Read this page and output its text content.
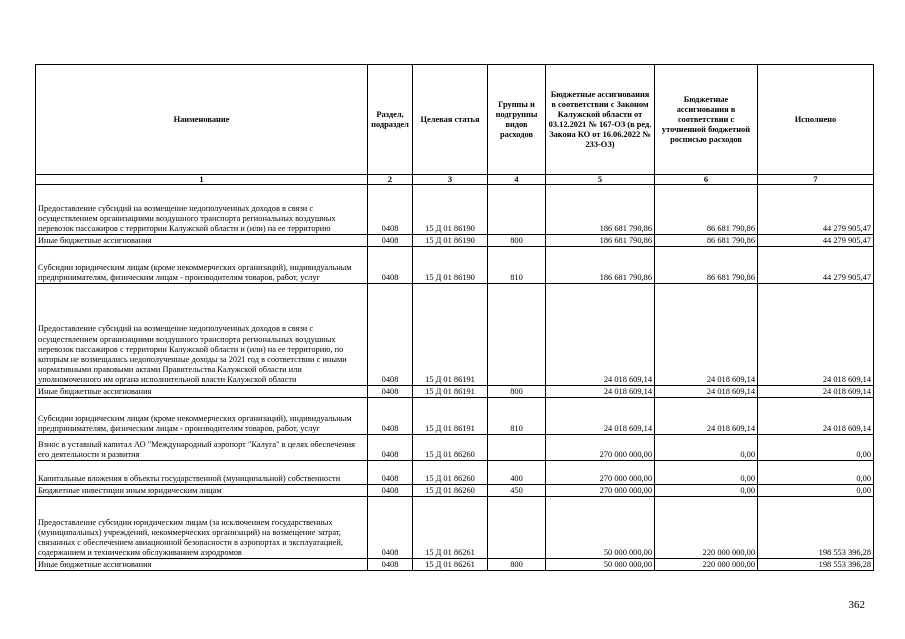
Наименование	Раздел, подраздел	Целевая статья	Группы и подгруппы видов расходов	Бюджетные ассигнования в соответствии с Законом Калужской области от 03.12.2021 № 167-ОЗ (в ред. Закона КО от 16.06.2022 № 233-ОЗ)	Бюджетные ассигнования в соответствии с уточненной бюджетной росписью расходов	Исполнено
1	2	3	4	5	6	7
Предоставление субсидий на возмещение недополученных доходов в связи с осуществлением организациями воздушного транспорта региональных воздушных перевозок пассажиров с территории Калужской области и (или) на ее территорию	0408	15 Д 01 86190		186 681 790,86	86 681 790,86	44 279 905,47
Иные бюджетные ассигнования	0408	15 Д 01 86190	800	186 681 790,86	86 681 790,86	44 279 905,47
Субсидии юридическим лицам (кроме некоммерческих организаций), индивидуальным предпринимателям, физическим лицам - производителям товаров, работ, услуг	0408	15 Д 01 86190	810	186 681 790,86	86 681 790,86	44 279 905,47
Предоставление субсидий на возмещение недополученных доходов в связи с осуществлением организациями воздушного транспорта региональных воздушных перевозок пассажиров с территории Калужской области и (или) на ее территорию, по которым не возмещались недополученные доходы за 2021 год в соответствии с иными нормативными правовыми актами Правительства Калужской области или уполномоченного им органа исполнительной власти Калужской области	0408	15 Д 01 86191		24 018 609,14	24 018 609,14	24 018 609,14
Иные бюджетные ассигнования	0408	15 Д 01 86191	800	24 018 609,14	24 018 609,14	24 018 609,14
Субсидии юридическим лицам (кроме некоммерческих организаций), индивидуальным предпринимателям, физическим лицам - производителям товаров, работ, услуг	0408	15 Д 01 86191	810	24 018 609,14	24 018 609,14	24 018 609,14
Взнос в уставный капитал АО "Международный аэропорт "Калуга" в целях обеспечения его деятельности и развития	0408	15 Д 01 86260		270 000 000,00	0,00	0,00
Капитальные вложения в объекты государственной (муниципальной) собственности	0408	15 Д 01 86260	400	270 000 000,00	0,00	0,00
Бюджетные инвестиции иным юридическим лицам	0408	15 Д 01 86260	450	270 000 000,00	0,00	0,00
Предоставление субсидии юридическим лицам (за исключением государственных (муниципальных) учреждений, некоммерческих организаций) на возмещение затрат, связанных с обеспечением авиационной безопасности в аэропортах и эксплуатацией, содержанием и техническим обслуживанием аэродромов	0408	15 Д 01 86261		50 000 000,00	220 000 000,00	198 553 396,28
Иные бюджетные ассигнования	0408	15 Д 01 86261	800	50 000 000,00	220 000 000,00	198 553 396,28
362
